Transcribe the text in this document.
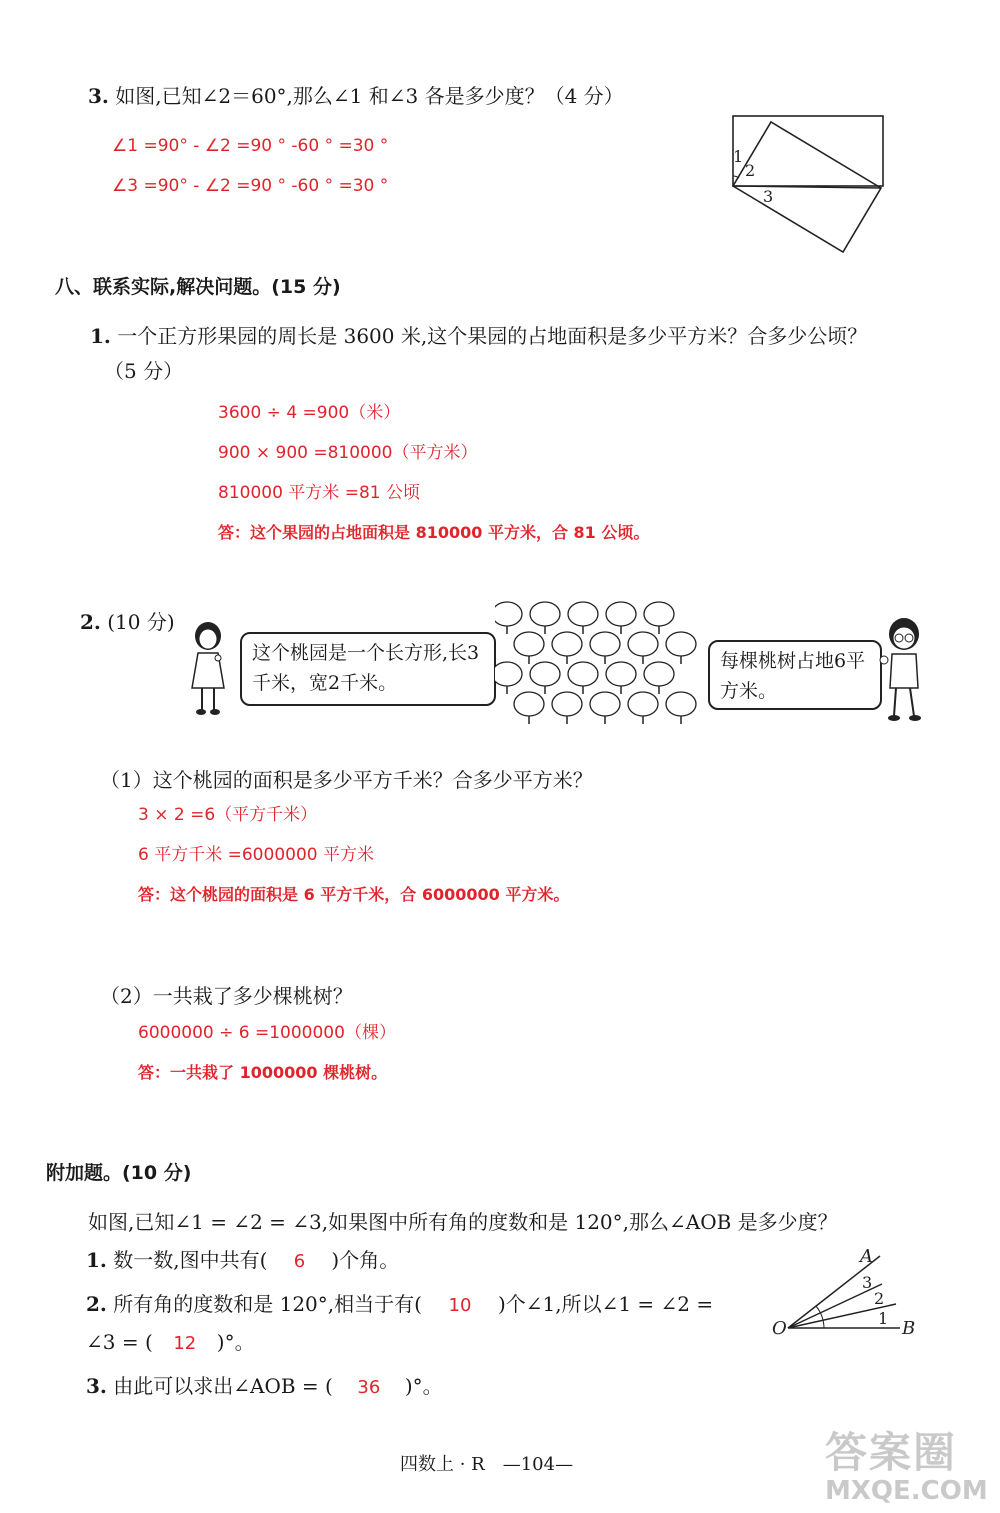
3. 如图,已知∠2＝60°,那么∠1 和∠3 各是多少度？（4 分）
∠1 =90° - ∠2 =90 ° -60 ° =30 °
∠3 =90° - ∠2 =90 ° -60 ° =30 °
1
2
3
八、联系实际,解决问题。(15 分)
1. 一个正方形果园的周长是 3600 米,这个果园的占地面积是多少平方米？合多少公顷？
（5 分）
3600 ÷ 4 =900（米）
900 × 900 =810000（平方米）
810000 平方米 =81 公顷
答：这个果园的占地面积是 810000 平方米，合 81 公顷。
2. (10 分)
这个桃园是一个长方形,长3千米，宽2千米。
每棵桃树占地6平方米。
（1）这个桃园的面积是多少平方千米？合多少平方米？
3 × 2 =6（平方千米）
6 平方千米 =6000000 平方米
答：这个桃园的面积是 6 平方千米，合 6000000 平方米。
（2）一共栽了多少棵桃树？
6000000 ÷ 6 =1000000（棵）
答：一共栽了 1000000 棵桃树。
附加题。(10 分)
如图,已知∠1 = ∠2 = ∠3,如果图中所有角的度数和是 120°,那么∠AOB 是多少度？
1. 数一数,图中共有( 6 )个角。
2. 所有角的度数和是 120°,相当于有( 10 )个∠1,所以∠1 = ∠2 =
∠3 = ( 12 )°。
3. 由此可以求出∠AOB = ( 36 )°。
O	B
A
1
2
3
四数上 · R　—104—	答案圈
MXQE.COM
